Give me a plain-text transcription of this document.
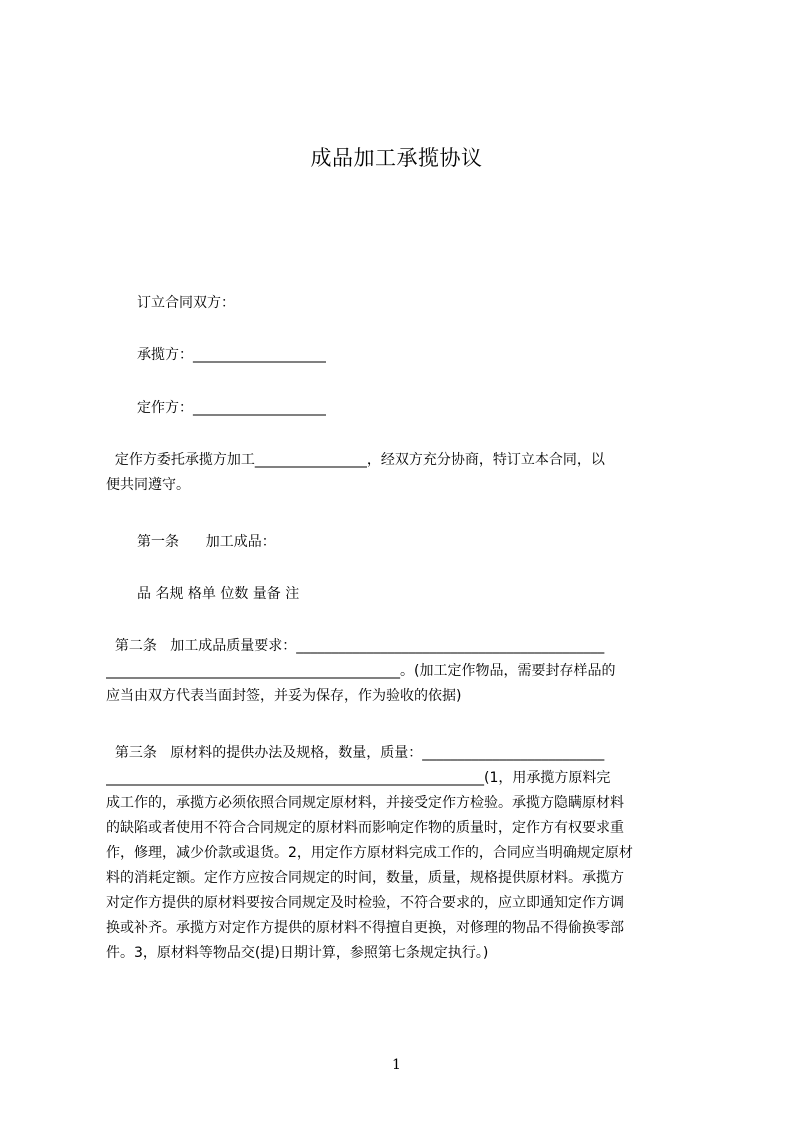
成品加工承揽协议
订立合同双方：
承揽方：___________________
定作方：___________________
定作方委托承揽方加工________________，经双方充分协商，特订立本合同，以
便共同遵守。
第一条      加工成品：
品 名规 格单 位数 量备 注
第二条   加工成品质量要求：____________________________________________
__________________________________________。(加工定作物品，需要封存样品的
应当由双方代表当面封签，并妥为保存，作为验收的依据)
第三条   原材料的提供办法及规格，数量，质量：__________________________
______________________________________________________(1，用承揽方原料完
成工作的，承揽方必须依照合同规定原材料，并接受定作方检验。承揽方隐瞒原材料
的缺陷或者使用不符合合同规定的原材料而影响定作物的质量时，定作方有权要求重
作，修理，减少价款或退货。2，用定作方原材料完成工作的，合同应当明确规定原材
料的消耗定额。定作方应按合同规定的时间，数量，质量，规格提供原材料。承揽方
对定作方提供的原材料要按合同规定及时检验，不符合要求的，应立即通知定作方调
换或补齐。承揽方对定作方提供的原材料不得擅自更换，对修理的物品不得偷换零部
件。3，原材料等物品交(提)日期计算，参照第七条规定执行。)
1
